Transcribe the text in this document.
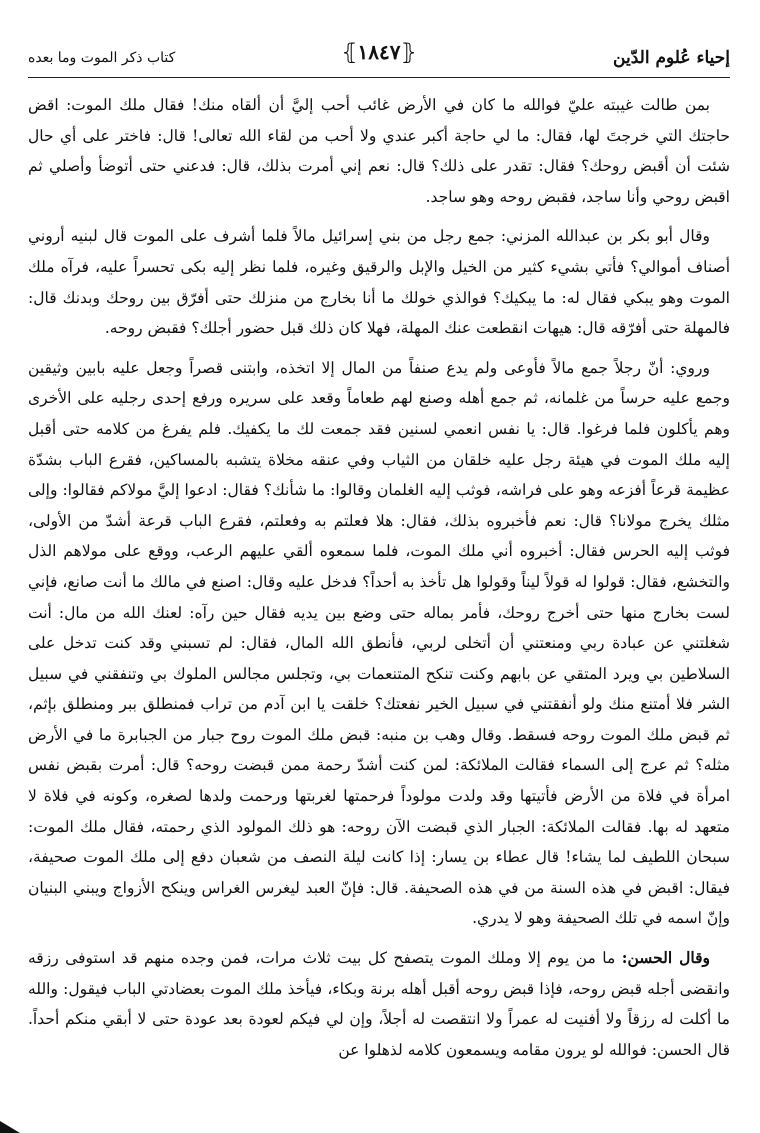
إحياء عُلوم الدّين
⦃١٨٤٧⦄
كتاب ذكر الموت وما بعده

بمن طالت غيبته عليّ فوالله ما كان في الأرض غائب أحب إليَّ أن ألقاه منك! فقال ملك الموت: اقض حاجتك التي خرجتَ لها، فقال: ما لي حاجة أكبر عندي ولا أحب من لقاء الله تعالى! قال: فاختر على أي حال شئت أن أقبض روحك؟ فقال: تقدر على ذلك؟ قال: نعم إني أمرت بذلك، قال: فدعني حتى أتوضأ وأصلي ثم اقبض روحي وأنا ساجد، فقبض روحه وهو ساجد.

وقال أبو بكر بن عبدالله المزني: جمع رجل من بني إسرائيل مالاً فلما أشرف على الموت قال لبنيه أروني أصناف أموالي؟ فأتي بشيء كثير من الخيل والإبل والرقيق وغيره، فلما نظر إليه بكى تحسراً عليه، فرآه ملك الموت وهو يبكي فقال له: ما يبكيك؟ فوالذي خولك ما أنا بخارج من منزلك حتى أفرّق بين روحك وبدنك قال: فالمهلة حتى أفرّقه قال: هيهات انقطعت عنك المهلة، فهلا كان ذلك قبل حضور أجلك؟ فقبض روحه.

وروي: أنّ رجلاً جمع مالاً فأوعى ولم يدع صنفاً من المال إلا اتخذه، وابتنى قصراً وجعل عليه بابين وثيقين وجمع عليه حرساً من غلمانه، ثم جمع أهله وصنع لهم طعاماً وقعد على سريره ورفع إحدى رجليه على الأخرى وهم يأكلون فلما فرغوا. قال: يا نفس انعمي لسنين فقد جمعت لك ما يكفيك. فلم يفرغ من كلامه حتى أقبل إليه ملك الموت في هيئة رجل عليه خلقان من الثياب وفي عنقه مخلاة يتشبه بالمساكين، فقرع الباب بشدّة عظيمة قرعاً أفزعه وهو على فراشه، فوثب إليه الغلمان وقالوا: ما شأنك؟ فقال: ادعوا إليَّ مولاكم فقالوا: وإلى مثلك يخرج مولانا؟ قال: نعم فأخبروه بذلك، فقال: هلا فعلتم به وفعلتم، فقرع الباب قرعة أشدّ من الأولى، فوثب إليه الحرس فقال: أخبروه أني ملك الموت، فلما سمعوه ألقي عليهم الرعب، ووقع على مولاهم الذل والتخشع، فقال: قولوا له قولاً ليناً وقولوا هل تأخذ به أحداً؟ فدخل عليه وقال: اصنع في مالك ما أنت صانع، فإني لست بخارج منها حتى أخرج روحك، فأمر بماله حتى وضع بين يديه فقال حين رآه: لعنك الله من مال: أنت شغلتني عن عبادة ربي ومنعتني أن أتخلى لربي، فأنطق الله المال، فقال: لم تسبني وقد كنت تدخل على السلاطين بي ويرد المتقي عن بابهم وكنت تنكح المتنعمات بي، وتجلس مجالس الملوك بي وتنفقني في سبيل الشر فلا أمتنع منك ولو أنفقتني في سبيل الخير نفعتك؟ خلقت يا ابن آدم من تراب فمنطلق ببر ومنطلق بإثم، ثم قبض ملك الموت روحه فسقط. وقال وهب بن منبه: قبض ملك الموت روح جبار من الجبابرة ما في الأرض مثله؟ ثم عرج إلى السماء فقالت الملائكة: لمن كنت أشدّ رحمة ممن قبضت روحه؟ قال: أمرت بقبض نفس امرأة في فلاة من الأرض فأتيتها وقد ولدت مولوداً فرحمتها لغربتها ورحمت ولدها لصغره، وكونه في فلاة لا متعهد له بها. فقالت الملائكة: الجبار الذي قبضت الآن روحه: هو ذلك المولود الذي رحمته، فقال ملك الموت: سبحان اللطيف لما يشاء! قال عطاء بن يسار: إذا كانت ليلة النصف من شعبان دفع إلى ملك الموت صحيفة، فيقال: اقبض في هذه السنة من في هذه الصحيفة. قال: فإنّ العبد ليغرس الغراس وينكح الأزواج ويبني البنيان وإنّ اسمه في تلك الصحيفة وهو لا يدري.

وقال الحسن: ما من يوم إلا وملك الموت يتصفح كل بيت ثلاث مرات، فمن وجده منهم قد استوفى رزقه وانقضى أجله قبض روحه، فإذا قبض روحه أقبل أهله برنة وبكاء، فيأخذ ملك الموت بعضادتي الباب فيقول: والله ما أكلت له رزقاً ولا أفنيت له عمراً ولا انتقصت له أجلاً، وإن لي فيكم لعودة بعد عودة حتى لا أبقي منكم أحداً. قال الحسن: فوالله لو يرون مقامه ويسمعون كلامه لذهلوا عن
